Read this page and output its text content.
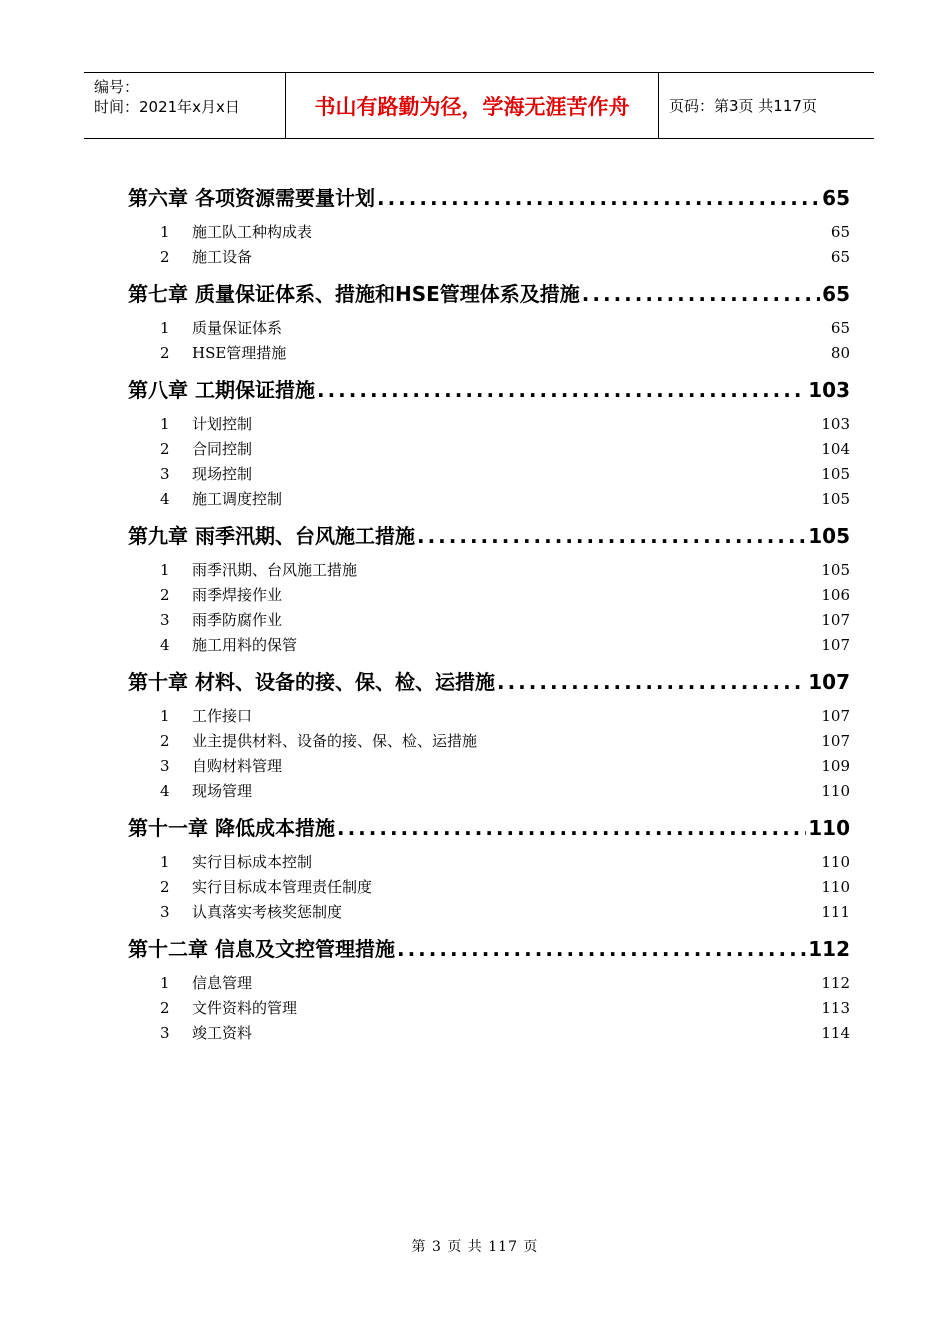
编号：
时间：2021年x月x日	书山有路勤为径，学海无涯苦作舟	页码：第3页 共117页
第六章 各项资源需要量计划 .....	65
1	施工队工种构成表	65
2	施工设备	65
第七章 质量保证体系、措施和HSE管理体系及措施 .....	65
1	质量保证体系	65
2	HSE管理措施	80
第八章 工期保证措施 .....	103
1	计划控制	103
2	合同控制	104
3	现场控制	105
4	施工调度控制	105
第九章 雨季汛期、台风施工措施 .....	105
1	雨季汛期、台风施工措施	105
2	雨季焊接作业	106
3	雨季防腐作业	107
4	施工用料的保管	107
第十章 材料、设备的接、保、检、运措施 .....	107
1	工作接口	107
2	业主提供材料、设备的接、保、检、运措施	107
3	自购材料管理	109
4	现场管理	110
第十一章 降低成本措施 .....	110
1	实行目标成本控制	110
2	实行目标成本管理责任制度	110
3	认真落实考核奖惩制度	111
第十二章 信息及文控管理措施 .....	112
1	信息管理	112
2	文件资料的管理	113
3	竣工资料	114
第 3 页 共 117 页
